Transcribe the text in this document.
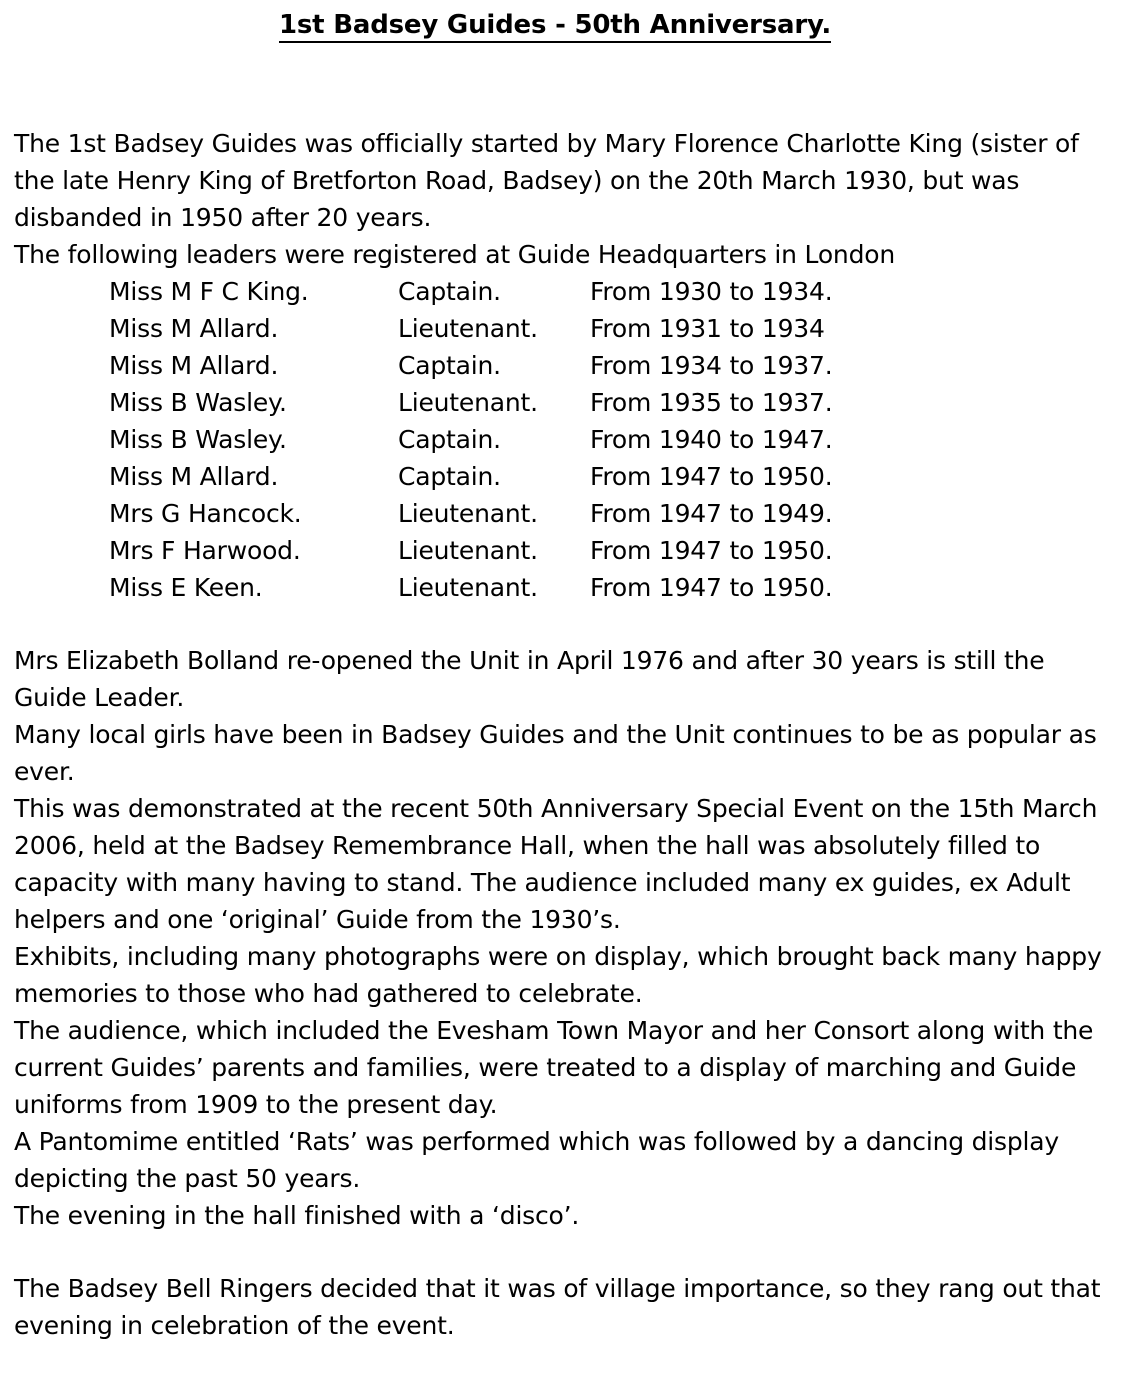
1st Badsey Guides - 50th Anniversary.

The 1st Badsey Guides was officially started by Mary Florence Charlotte King (sister of the late Henry King of Bretforton Road, Badsey) on the 20th March 1930, but was disbanded in 1950 after 20 years.

The following leaders were registered at Guide Headquarters in London

Miss M F C King.	Captain.	From 1930 to 1934.
Miss M Allard.	Lieutenant.	From 1931 to 1934
Miss M Allard.	Captain.	From 1934 to 1937.
Miss B Wasley.	Lieutenant.	From 1935 to 1937.
Miss B Wasley.	Captain.	From 1940 to 1947.
Miss M Allard.	Captain.	From 1947 to 1950.
Mrs G Hancock.	Lieutenant.	From 1947 to 1949.
Mrs F Harwood.	Lieutenant.	From 1947 to 1950.
Miss E Keen.	Lieutenant.	From 1947 to 1950.

Mrs Elizabeth Bolland re-opened the Unit in April 1976 and after 30 years is still the Guide Leader.

Many local girls have been in Badsey Guides and the Unit continues to be as popular as ever.

This was demonstrated at the recent 50th Anniversary Special Event on the 15th March 2006, held at the Badsey Remembrance Hall, when the hall was absolutely filled to capacity with many having to stand. The audience included many ex guides, ex Adult helpers and one ‘original’ Guide from the 1930’s.

Exhibits, including many photographs were on display, which brought back many happy memories to those who had gathered to celebrate.

The audience, which included the Evesham Town Mayor and her Consort along with the current Guides’ parents and families, were treated to a display of marching and Guide uniforms from 1909 to the present day.

A Pantomime entitled ‘Rats’ was performed which was followed by a dancing display depicting the past 50 years.

The evening in the hall finished with a ‘disco’.

The Badsey Bell Ringers decided that it was of village importance, so they rang out that evening in celebration of the event.
